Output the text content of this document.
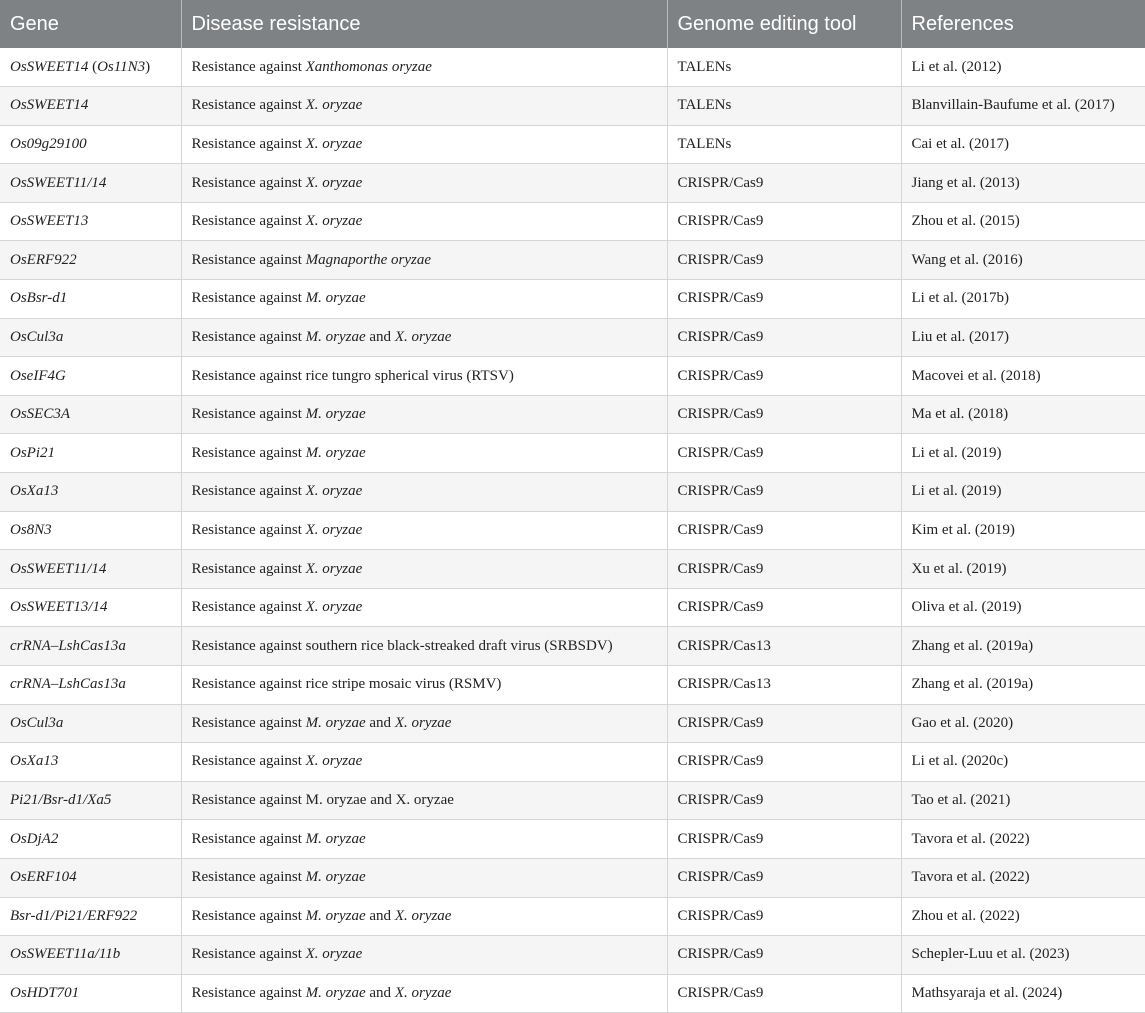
Gene	Disease resistance	Genome editing tool	References
OsSWEET14 (Os11N3)	Resistance against Xanthomonas oryzae	TALENs	Li et al. (2012)
OsSWEET14	Resistance against X. oryzae	TALENs	Blanvillain-Baufume et al. (2017)
Os09g29100	Resistance against X. oryzae	TALENs	Cai et al. (2017)
OsSWEET11/14	Resistance against X. oryzae	CRISPR/Cas9	Jiang et al. (2013)
OsSWEET13	Resistance against X. oryzae	CRISPR/Cas9	Zhou et al. (2015)
OsERF922	Resistance against Magnaporthe oryzae	CRISPR/Cas9	Wang et al. (2016)
OsBsr-d1	Resistance against M. oryzae	CRISPR/Cas9	Li et al. (2017b)
OsCul3a	Resistance against M. oryzae and X. oryzae	CRISPR/Cas9	Liu et al. (2017)
OseIF4G	Resistance against rice tungro spherical virus (RTSV)	CRISPR/Cas9	Macovei et al. (2018)
OsSEC3A	Resistance against M. oryzae	CRISPR/Cas9	Ma et al. (2018)
OsPi21	Resistance against M. oryzae	CRISPR/Cas9	Li et al. (2019)
OsXa13	Resistance against X. oryzae	CRISPR/Cas9	Li et al. (2019)
Os8N3	Resistance against X. oryzae	CRISPR/Cas9	Kim et al. (2019)
OsSWEET11/14	Resistance against X. oryzae	CRISPR/Cas9	Xu et al. (2019)
OsSWEET13/14	Resistance against X. oryzae	CRISPR/Cas9	Oliva et al. (2019)
crRNA–LshCas13a	Resistance against southern rice black-streaked draft virus (SRBSDV)	CRISPR/Cas13	Zhang et al. (2019a)
crRNA–LshCas13a	Resistance against rice stripe mosaic virus (RSMV)	CRISPR/Cas13	Zhang et al. (2019a)
OsCul3a	Resistance against M. oryzae and X. oryzae	CRISPR/Cas9	Gao et al. (2020)
OsXa13	Resistance against X. oryzae	CRISPR/Cas9	Li et al. (2020c)
Pi21/Bsr-d1/Xa5	Resistance against M. oryzae and X. oryzae	CRISPR/Cas9	Tao et al. (2021)
OsDjA2	Resistance against M. oryzae	CRISPR/Cas9	Tavora et al. (2022)
OsERF104	Resistance against M. oryzae	CRISPR/Cas9	Tavora et al. (2022)
Bsr-d1/Pi21/ERF922	Resistance against M. oryzae and X. oryzae	CRISPR/Cas9	Zhou et al. (2022)
OsSWEET11a/11b	Resistance against X. oryzae	CRISPR/Cas9	Schepler-Luu et al. (2023)
OsHDT701	Resistance against M. oryzae and X. oryzae	CRISPR/Cas9	Mathsyaraja et al. (2024)
